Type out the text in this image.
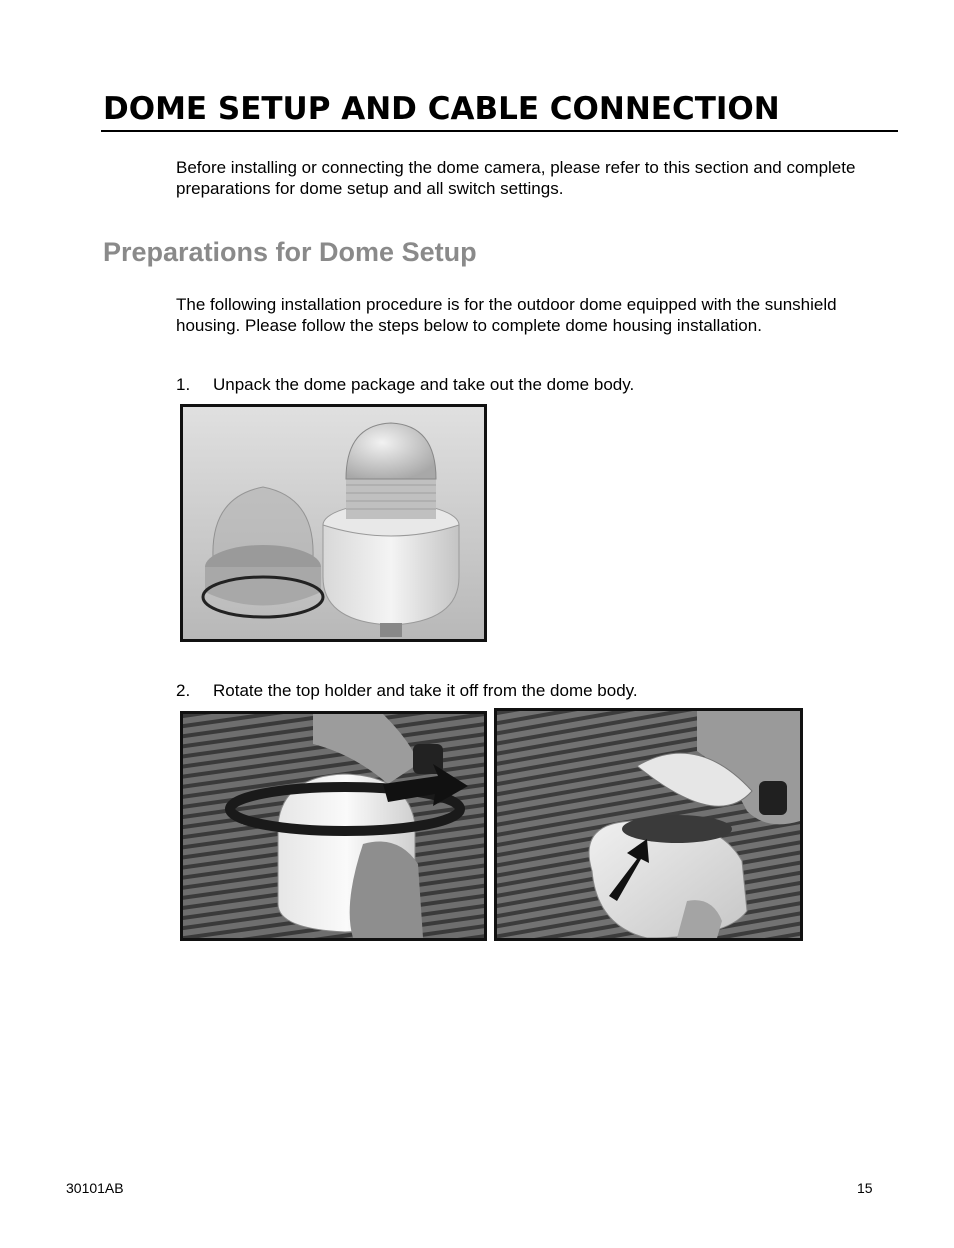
DOME SETUP AND CABLE CONNECTION

Before installing or connecting the dome camera, please refer to this section and complete preparations for dome setup and all switch settings.

Preparations for Dome Setup

The following installation procedure is for the outdoor dome equipped with the sunshield housing. Please follow the steps below to complete dome housing installation.

1.	Unpack the dome package and take out the dome body.
2.	Rotate the top holder and take it off from the dome body.
30101AB	15
